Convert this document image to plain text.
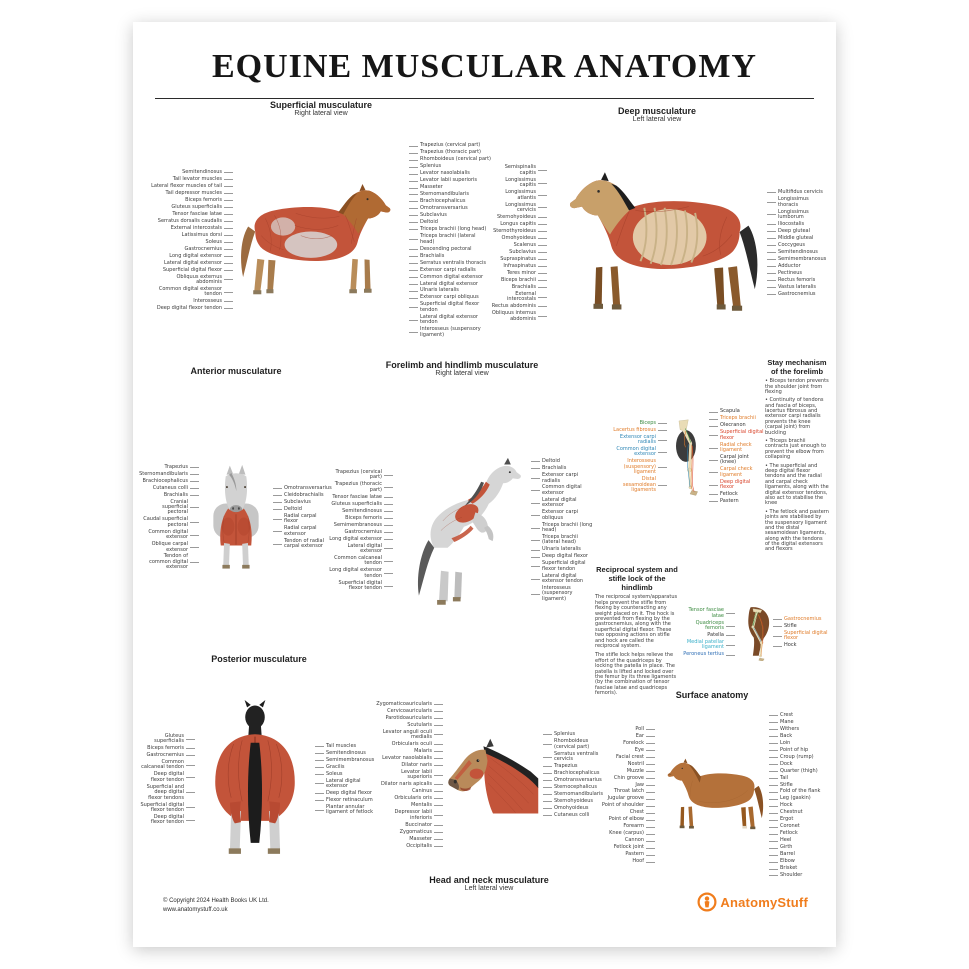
EQUINE MUSCULAR ANATOMY
Superficial musculature
Right lateral view
Semitendinosus
Tail levator muscles
Lateral flexor muscles of tail
Tail depressor muscles
Biceps femoris
Gluteus superficialis
Tensor fasciae latae
Serratus dorsalis caudalis
External intercostals
Latissimus dorsi
Soleus
Gastrocnemius
Long digital extensor
Lateral digital extensor
Superficial digital flexor
Obliquus externus abdominis
Common digital extensor tendon
Interosseus
Deep digital flexor tendon
Trapezius (cervical part)
Trapezius (thoracic part)
Rhomboideus (cervical part)
Splenius
Levator nasolabialis
Levator labii superioris
Masseter
Sternomandibularis
Brachiocephalicus
Omotransversarius
Subclavius
Deltoid
Triceps brachii (long head)
Triceps brachii (lateral head)
Descending pectoral
Brachialis
Serratus ventralis thoracis
Extensor carpi radialis
Common digital extensor
Lateral digital extensor
Ulnaris lateralis
Extensor carpi obliquus
Superficial digital flexor tendon
Lateral digital extensor tendon
Interosseus (suspensory ligament)
Deep musculature
Left lateral view
Semispinalis capitis
Longissimus capitis
Longissimus atlantis
Longissimus cervicis
Sternohyoideus
Longus capitis
Sternothyroideus
Omohyoideus
Scalenus
Subclavius
Supraspinatus
Infraspinatus
Teres minor
Biceps brachii
Brachialis
External intercostals
Rectus abdominis
Obliquus internus abdominis
Multifidus cervicis
Longissimus thoracis
Longissimus lumborum
Iliocostalis
Deep gluteal
Middle gluteal
Coccygeus
Semitendinosus
Semimembranosus
Adductor
Pectineus
Rectus femoris
Vastus lateralis
Gastrocnemius
Anterior musculature
Trapezius
Sternomandibularis
Brachiocephalicus
Cutaneus colli
Brachialis
Cranial superficial pectoral
Caudal superficial pectoral
Common digital extensor
Oblique carpal extensor
Tendon of common digital extensor
Omotransversarius
Cleidobrachialis
Subclavius
Deltoid
Radial carpal flexor
Radial carpal extensor
Tendon of radial carpal extensor
Forelimb and hindlimb musculature
Right lateral view
Trapezius (cervical part)
Trapezius (thoracic part)
Tensor fasciae latae
Gluteus superficialis
Semitendinosus
Biceps femoris
Semimembranosus
Gastrocnemius
Long digital extensor
Lateral digital extensor
Common calcaneal tendon
Long digital extensor tendon
Superficial digital flexor tendon
Deltoid
Brachialis
Extensor carpi radialis
Common digital extensor
Lateral digital extensor
Extensor carpi obliquus
Triceps brachii (long head)
Triceps brachii (lateral head)
Ulnaris lateralis
Deep digital flexor
Superficial digital flexor tendon
Lateral digital extensor tendon
Interosseus (suspensory ligament)
Biceps
Lacertus fibrosus
Extensor carpi radialis
Common digital extensor
Interosseus (suspensory) ligament
Distal sesamoidean ligaments
Scapula
Triceps brachii
Olecranon
Superficial digital flexor
Radial check ligament
Carpal joint (knee)
Carpal check ligament
Deep digital flexor
Fetlock
Pastern
Stay mechanism of the forelimb
• Biceps tendon prevents the shoulder joint from flexing
• Continuity of tendons and fascia of biceps, lacertus fibrosus and extensor carpi radialis prevents the knee (carpal joint) from buckling
• Triceps brachii contracts just enough to prevent the elbow from collapsing
• The superficial and deep digital flexor tendons and the radial and carpal check ligaments, along with the digital extensor tendons, also act to stabilise the knee
• The fetlock and pastern joints are stabilised by the suspensory ligament and the distal sesamoidean ligaments, along with the tendons of the digital extensors and flexors
Reciprocal system and stifle lock of the hindlimb
The reciprocal system/apparatus helps prevent the stifle from flexing by counteracting any weight placed on it. The hock is prevented from flexing by the gastrocnemius, along with the superficial digital flexor. These two opposing actions on stifle and hock are called the reciprocal system.
The stifle lock helps relieve the effort of the quadriceps by locking the patella in place. The patella is lifted and locked over the femur by its three ligaments (by the combination of tensor fasciae latae and quadriceps femoris).
Tensor fasciae latae
Quadriceps femoris
Patella
Medial patellar ligament
Peroneus tertius
Gastrocnemius
Stifle
Superficial digital flexor
Hock
Posterior musculature
Gluteus superficialis
Biceps femoris
Gastrocnemius
Common calcaneal tendon
Deep digital flexor tendon
Superficial and deep digital flexor tendons
Superficial digital flexor tendon
Deep digital flexor tendon
Tail muscles
Semitendinosus
Semimembranosus
Gracilis
Soleus
Lateral digital extensor
Deep digital flexor
Flexor retinaculum
Plantar annular ligament of fetlock
Zygomaticoauricularis
Cervicoauricularis
Parotidoauricularis
Scutularis
Levator anguli oculi medialis
Orbicularis oculi
Malaris
Levator nasolabialis
Dilator naris
Levator labii superioris
Dilator naris apicalis
Caninus
Orbicularis oris
Mentalis
Depressor labii inferioris
Buccinator
Zygomaticus
Masseter
Occipitalis
Splenius
Rhomboideus (cervical part)
Serratus ventralis cervicis
Trapezius
Brachiocephalicus
Omotransversarius
Sternocephalicus
Sternomandibularis
Sternohyoideus
Omohyoideus
Cutaneus colli
Head and neck musculature
Left lateral view
Surface anatomy
Poll
Ear
Forelock
Eye
Facial crest
Nostril
Muzzle
Chin groove
Jaw
Throat latch
Jugular groove
Point of shoulder
Chest
Point of elbow
Forearm
Knee (carpus)
Cannon
Fetlock joint
Pastern
Hoof
Crest
Mane
Withers
Back
Loin
Point of hip
Croup (rump)
Dock
Quarter (thigh)
Tail
Stifle
Fold of the flank
Leg (gaskin)
Hock
Chestnut
Ergot
Coronet
Fetlock
Heel
Girth
Barrel
Elbow
Brisket
Shoulder
© Copyright 2024 Health Books UK Ltd.
www.anatomystuff.co.uk
AnatomyStuff
